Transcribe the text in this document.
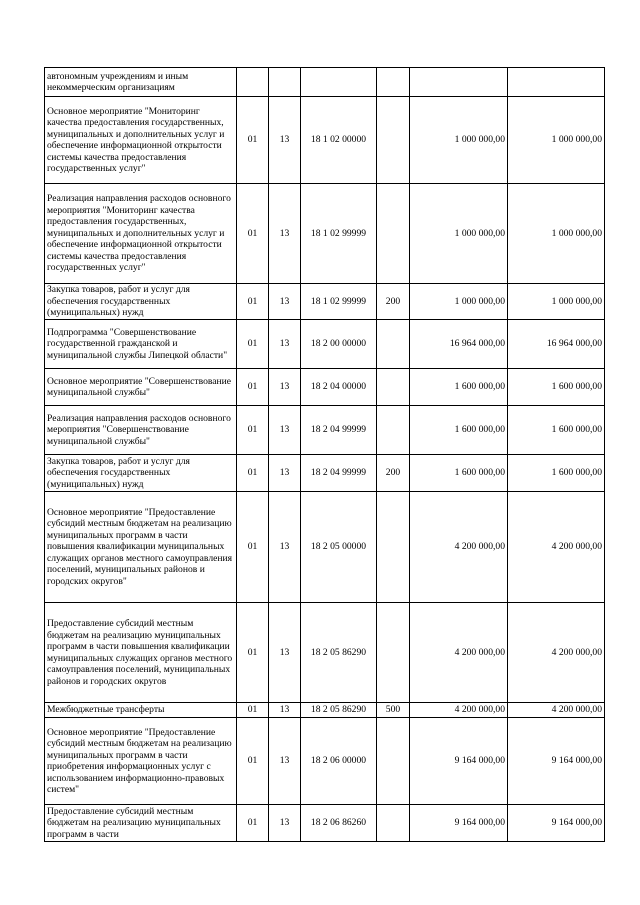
автономным учреждениям и иным некоммерческим организациям						
Основное мероприятие "Мониторинг качества предоставления государственных, муниципальных и дополнительных услуг и обеспечение информационной открытости системы качества предоставления государственных услуг"	01	13	18 1 02 00000		1 000 000,00	1 000 000,00
Реализация направления расходов основного мероприятия "Мониторинг качества предоставления государственных, муниципальных и дополнительных услуг и обеспечение информационной открытости системы качества предоставления государственных услуг"	01	13	18 1 02 99999		1 000 000,00	1 000 000,00
Закупка товаров, работ и услуг для обеспечения государственных (муниципальных) нужд	01	13	18 1 02 99999	200	1 000 000,00	1 000 000,00
Подпрограмма "Совершенствование государственной гражданской и муниципальной службы Липецкой области"	01	13	18 2 00 00000		16 964 000,00	16 964 000,00
Основное мероприятие "Совершенствование муниципальной службы"	01	13	18 2 04 00000		1 600 000,00	1 600 000,00
Реализация направления расходов основного мероприятия "Совершенствование муниципальной службы"	01	13	18 2 04 99999		1 600 000,00	1 600 000,00
Закупка товаров, работ и услуг для обеспечения государственных (муниципальных) нужд	01	13	18 2 04 99999	200	1 600 000,00	1 600 000,00
Основное мероприятие "Предоставление субсидий местным бюджетам на реализацию муниципальных программ в части повышения квалификации муниципальных служащих органов местного самоуправления поселений, муниципальных районов и городских округов"	01	13	18 2 05 00000		4 200 000,00	4 200 000,00
Предоставление субсидий местным бюджетам на реализацию муниципальных программ в части повышения квалификации муниципальных служащих органов местного самоуправления поселений, муниципальных районов и городских округов	01	13	18 2 05 86290		4 200 000,00	4 200 000,00
Межбюджетные трансферты	01	13	18 2 05 86290	500	4 200 000,00	4 200 000,00
Основное мероприятие "Предоставление субсидий местным бюджетам на реализацию муниципальных программ в части приобретения информационных услуг с использованием информационно-правовых систем"	01	13	18 2 06 00000		9 164 000,00	9 164 000,00
Предоставление субсидий местным бюджетам на реализацию муниципальных программ в части	01	13	18 2 06 86260		9 164 000,00	9 164 000,00
